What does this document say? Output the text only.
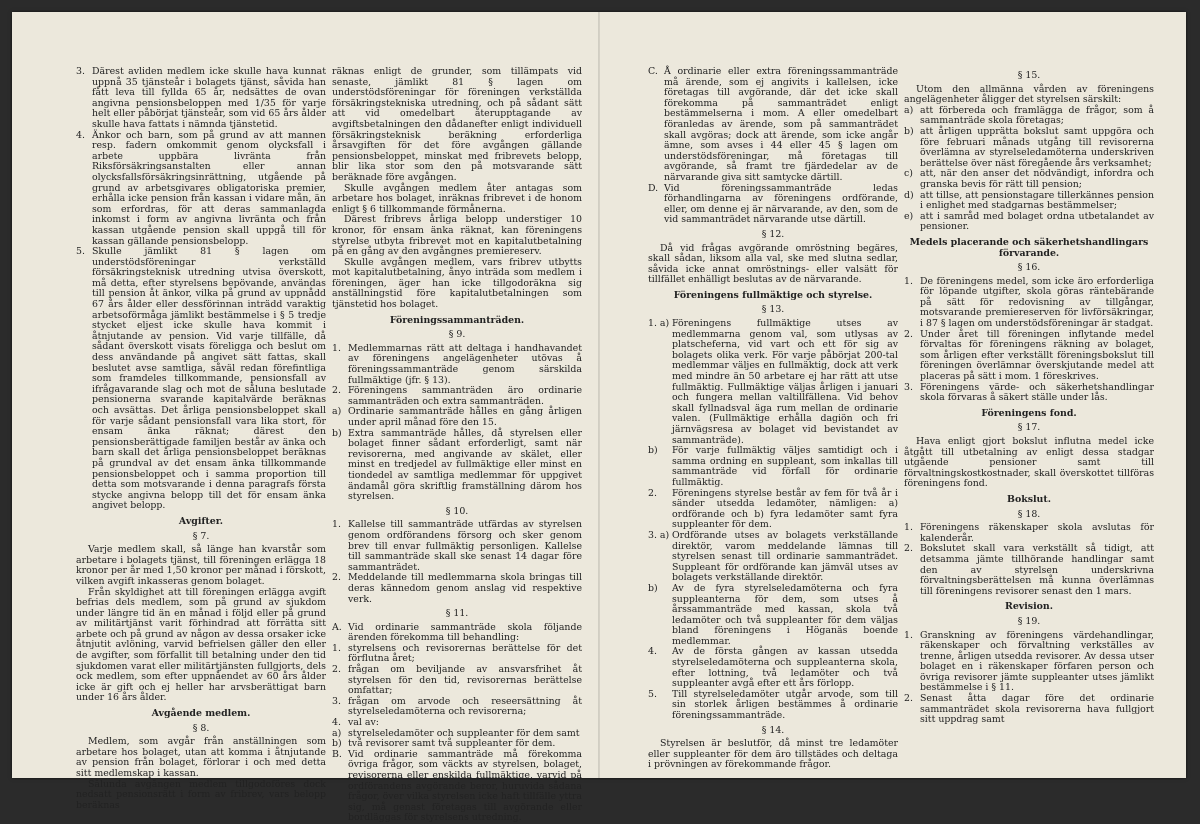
3. Därest avliden medlem icke skulle hava kunnat uppnå 35 tjänsteår i bolagets tjänst, såvida han fått leva till fyllda 65 år, nedsättes de ovan angivna pensionsbeloppen med 1/35 för varje helt eller påbörjat tjänsteår, som vid 65 års ålder skulle hava fattats i nämnda tjänstetid.
4. Änkor och barn, som på grund av att mannen resp. fadern omkommit genom olycksfall i arbete uppbära livränta från Riksförsäkringsanstalten eller annan olycksfallsförsäkringsinrättning, utgående på grund av arbetsgivares obligatoriska premier, erhålla icke pension från kassan i vidare mån, än som erfordras, för att deras sammanlagda inkomst i form av angivna livränta och från kassan utgående pension skall uppgå till för kassan gällande pensionsbelopp.
5. Skulle jämlikt 81 § lagen om understödsföreningar verkställd försäkringsteknisk utredning utvisa överskott, må detta, efter styrelsens bepövande, användas till pension åt änkor, vilka på grund av uppnådd 67 års ålder eller dessförinnan inträdd varaktig arbetsoförmåga jämlikt bestämmelse i § 5 tredje stycket eljest icke skulle hava kommit i åtnjutande av pension. Vid varje tillfälle, då sådant överskott visats föreligga och beslut om dess användande på angivet sätt fattas, skall beslutet avse samtliga, såväl redan förefintliga som framdeles tillkommande, pensionsfall av ifrågavarande slag och mot de såluna beslutade pensionerna svarande kapitalvärde beräknas och avsättas. Det årliga pensionsbeloppet skall för varje sådant pensionsfall vara lika stort, för ensam änka räknat; därest den pensionsberättigade familjen består av änka och barn skall det årliga pensionsbeloppet beräknas på grundval av det ensam änka tillkommande pensionsbeloppet och i samma proportion till detta som motsvarande i denna paragrafs första stycke angivna belopp till det för ensam änka angivet belopp.
Avgifter.
§ 7.

Varje medlem skall, så länge han kvarstår som arbetare i bolagets tjänst, till föreningen erlägga 18 kronor per år med 1,50 kronor per månad i förskott, vilken avgift inkasseras genom bolaget.

Från skyldighet att till föreningen erlägga avgift befrias dels medlem, som på grund av sjukdom under längre tid än en månad i följd eller på grund av militärtjänst varit förhindrad att förrätta sitt arbete och på grund av någon av dessa orsaker icke åtnjutit avlöning, varvid befrielsen gäller den eller de avgifter, som förfallit till betalning under den tid sjukdomen varat eller militärtjänsten fullgjorts, dels ock medlem, som efter uppnåendet av 60 års ålder icke är gift och ej heller har arvsberättigat barn under 16 års ålder.

Avgående medlem.
§ 8.

Medlem, som avgår från anställningen som arbetare hos bolaget, utan att komma i åtnjutande av pension från bolaget, förlorar i och med detta sitt medlemskap i kassan.

Sålunda avgången medlem tillgodoföres dock nedsatt pensionsrätt i form av fribrev, vars belopp beräknas

räknas enligt de grunder, som tillämpats vid senaste, jämlikt 81 § lagen om understödsföreningar för föreningen verkställda försäkringstekniska utredning, och på sådant sätt att vid omedelbart återupptagande av avgiftsbetalningen den dådanefter enligt individuell försäkringsteknisk beräkning erforderliga årsavgiften för det före avgången gällande pensionsbeloppet, minskat med fribrevets belopp, blir lika stor som den på motsvarande sätt beräknade före avgången.

Skulle avgången medlem åter antagas som arbetare hos bolaget, inräknas fribrevet i de honom enligt § 6 tillkommande förmånerna.

Därest fribrevs årliga belopp understiger 10 kronor, för ensam änka räknat, kan föreningens styrelse utbyta fribrevet mot en kapitalutbetalning på en gång av den avgångnes premiereserv.

Skulle avgången medlem, vars fribrev utbytts mot kapitalutbetalning, ånyo inträda som medlem i föreningen, äger han icke tillgodoräkna sig anställningstid före kapitalutbetalningen som tjänstetid hos bolaget.

Föreningssammanträden.
§ 9.
1. Medlemmarnas rätt att deltaga i handhavandet av föreningens angelägenheter utövas å föreningssammanträde genom särskilda fullmäktige (jfr. § 13).
2. Föreningens sammanträden äro ordinarie sammanträden och extra sammanträden.
a) Ordinarie sammanträde hålles en gång årligen under april månad före den 15.
b) Extra sammanträde hålles, då styrelsen eller bolaget finner sådant erforderligt, samt när revisorerna, med angivande av skälet, eller minst en tredjedel av fullmäktige eller minst en tiondedel av samtliga medlemmar för uppgivet ändamål göra skriftlig framställning därom hos styrelsen.
§ 10.
1. Kallelse till sammanträde utfärdas av styrelsen genom ordförandens försorg och sker genom brev till envar fullmäktig personligen. Kallelse till sammanträde skall ske senast 14 dagar före sammanträdet.
2. Meddelande till medlemmarna skola bringas till deras kännedom genom anslag vid respektive verk.
§ 11.
A. Vid ordinarie sammanträde skola följande ärenden förekomma till behandling:
1. styrelsens och revisorernas berättelse för det förflutna året;
2. frågan om beviljande av ansvarsfrihet åt styrelsen för den tid, revisorernas berättelse omfattar;
3. frågan om arvode och reseersättning åt styrelseledamöterna och revisorerna;
4. val av:
a) styrelseledamöter och suppleanter för dem samt
b) två revisorer samt två suppleanter för dem.
B. Vid ordinarie sammanträde må förekomma övriga frågor, som väckts av styrelsen, bolaget, revisorerna eller enskilda fullmäktige, varvid på ordförandens avgörande beror, huruvida sådana frågor, över vilka styrelsen icke haft tillfälle yttra sig, må genast företagas till avgörande eller bordläggas för styrelsens utredning.
C. Å ordinarie eller extra föreningssammanträde må ärende, som ej angivits i kallelsen, icke företagas till avgörande, där det icke skall förekomma på sammanträdet enligt bestämmelserna i mom. A eller omedelbart föranledas av ärende, som på sammanträdet skall avgöras; dock att ärende, som icke angår ämne, som avses i 44 eller 45 § lagen om understödsföreningar, må företagas till avgörande, så framt tre fjärdedelar av de närvarande giva sitt samtycke därtill.
D. Vid föreningssammanträde ledas förhandlingarna av föreningens ordförande, eller, om denne ej är närvarande, av den, som de vid sammanträdet närvarande utse därtill.
§ 12.

Då vid frågas avgörande omröstning begäres, skall sådan, liksom alla val, ske med slutna sedlar, såvida icke annat omröstnings- eller valsätt för tillfället enhälligt beslutas av de närvarande.

Föreningens fullmäktige och styrelse.
§ 13.
1. a) Föreningens fullmäktige utses av medlemmarna genom val, som utlysas av platscheferna, vid vart och ett för sig av bolagets olika verk. För varje påbörjat 200-tal medlemmar väljes en fullmäktig, dock att verk med mindre än 50 arbetare ej har rätt att utse fullmäktig. Fullmäktige väljas årligen i januari och fungera mellan valtillfällena. Vid behov skall fyllnadsval äga rum mellan de ordinarie valen. (Fullmäktige erhålla dagiön och fri järnvägsresa av bolaget vid bevistandet av sammanträde).
b) För varje fullmäktig väljes samtidigt och i samma ordning en suppleant, som inkallas till sammanträde vid förfall för ordinarie fullmäktig.
2. Föreningens styrelse består av fem för två år i sänder utsedda ledamöter, nämligen: a) ordförande och b) fyra ledamöter samt fyra suppleanter för dem.
3. a) Ordförande utses av bolagets verkställande direktör, varom meddelande lämnas till styrelsen senast till ordinarie sammanträdet. Suppleant för ordförande kan jämväl utses av bolagets verkställande direktör.
b) Av de fyra styrelseledamöterna och fyra suppleanterna för dem, som utses å årssammanträde med kassan, skola två ledamöter och två suppleanter för dem väljas bland föreningens i Höganäs boende medlemmar.
4. Av de första gången av kassan utsedda styrelseledamöterna och suppleanterna skola, efter lottning, två ledamöter och två suppleanter avgå efter ett års förlopp.
5. Till styrelseledamöter utgår arvode, som till sin storlek årligen bestämmes å ordinarie föreningssammanträde.
§ 14.

Styrelsen är beslutför, då minst tre ledamöter eller suppleanter för dem äro tillstädes och deltaga i prövningen av förekommande frågor.

§ 15.

Utom den allmänna vården av föreningens angelägenheter åligger det styrelsen särskilt:

a) att förbereda och framlägga de frågor, som å sammanträde skola företagas;
b) att årligen upprätta bokslut samt uppgöra och före februari månads utgång till revisorerna överlämna av styrelseledamöterna underskriven berättelse över näst föregående års verksamhet;
c) att, när den anser det nödvändigt, infordra och granska bevis för rätt till pension;
d) att tillse, att pensionstagare tillerkännes pension i enlighet med stadgarnas bestämmelser;
e) att i samråd med bolaget ordna utbetalandet av pensioner.
Medels placerande och säkerhetshandlingars förvarande.
§ 16.
1. De föreningens medel, som icke äro erforderliga för löpande utgifter, skola göras räntebärande på sätt för redovisning av tillgångar, motsvarande premiereserven för livförsäkringar, i 87 § lagen om understödsföreningar är stadgat.
2. Under året till föreningen inflytande medel förvaltas för föreningens räkning av bolaget, som årligen efter verkställt föreningsbokslut till föreningen överlämnar överskjutande medel att placeras på sätt i mom. 1 föreskrives.
3. Föreningens värde- och säkerhetshandlingar skola förvaras å säkert ställe under lås.
Föreningens fond.
§ 17.

Hava enligt gjort bokslut influtna medel icke åtgått till utbetalning av enligt dessa stadgar utgående pensioner samt till förvaltningskostkostnader, skall överskottet tillföras föreningens fond.

Bokslut.
§ 18.
1. Föreningens räkenskaper skola avslutas för kalenderår.
2. Bokslutet skall vara verkställt så tidigt, att detsamma jämte tillhörande handlingar samt den av styrelsen underskrivna förvaltningsberättelsen må kunna överlämnas till föreningens revisorer senast den 1 mars.
Revision.
§ 19.
1. Granskning av föreningens värdehandlingar, räkenskaper och förvaltning verkställes av trenne, årligen utsedda revisorer. Av dessa utser bolaget en i räkenskaper förfaren person och övriga revisorer jämte suppleanter utses jämlikt bestämmelse i § 11.
2. Senast åtta dagar före det ordinarie sammanträdet skola revisorerna hava fullgjort sitt uppdrag samt
